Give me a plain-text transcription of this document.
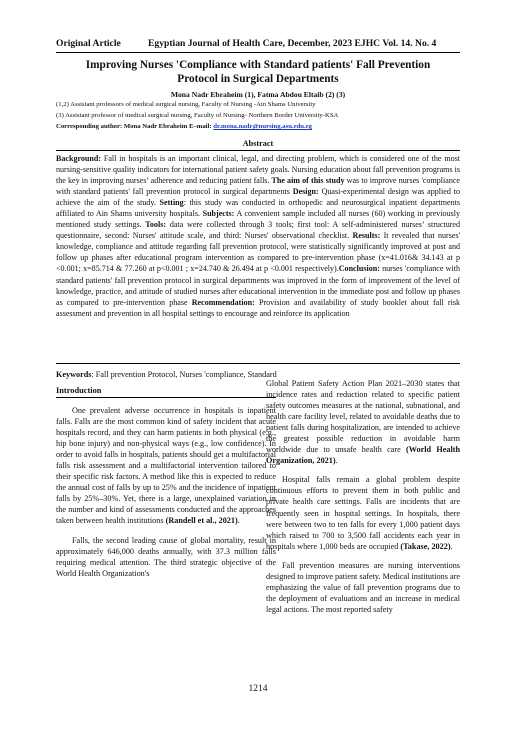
Original Article	Egyptian Journal of Health Care, December, 2023 EJHC Vol. 14. No. 4
Improving Nurses 'Compliance with Standard patients' Fall Prevention
Protocol in Surgical Departments
Mona Nadr Ebraheim (1), Fatma Abdou Eltaib (2) (3)
(1,2) Assistant professors of medical surgical nursing, Faculty of Nursing -Ain Shams University
(3) Assistant professor of medical surgical nursing, Faculty of Nursing- Northern Border University-KSA
Corresponding author: Mona Nadr Ebraheim E–mail: dr.mona.nadr@nursing.asu.edu.eg
Abstract
Background: Fall in hospitals is an important clinical, legal, and directing problem, which is considered one of the most nursing-sensitive quality indicators for international patient safety goals. Nursing education about fall prevention programs is the key in improving nurses’ adherence and reducing patient falls. The aim of this study was to improve nurses 'compliance with standard patients' fall prevention protocol in surgical departments Design: Quasi-experimental design was applied to achieve the aim of the study. Setting: this study was conducted in orthopedic and neurosurgical inpatient departments affiliated to Ain Shams university hospitals. Subjects: A convenient sample included all nurses (60) working in previously mentioned study settings. Tools: data were collected through 3 tools; first tool: A self-administered nurses’ structured questionnaire, second: Nurses' attitude scale, and third: Nurses' observational checklist. Results: It revealed that nurses' knowledge, compliance and attitude regarding fall prevention protocol, were statistically significantly improved at post and follow up phases after educational program intervention as compared to pre-intervention phase (x=41.016& 34.143 at p <0.001; x=85.714 & 77.260 at p<0.001 ; x=24.740 & 26.494 at p <0.001 respectively).Conclusion: nurses 'compliance with standard patients' fall prevention protocol in surgical departments was improved in the form of improvement of the level of knowledge, practice, and attitude of studied nurses after educational intervention in the immediate post and follow up phases as compared to pre-intervention phase Recommendation: Provision and availability of study booklet about fall risk assessment and prevention in all hospital settings to encourage and reinforce its application
Keywords: Fall prevention Protocol, Nurses 'compliance, Standard
Introduction

One prevalent adverse occurrence in hospitals is inpatient falls. Falls are the most common kind of safety incident that acute hospitals record, and they can harm patients in both physical (e.g., hip bone injury) and non-physical ways (e.g., low confidence). In order to avoid falls in hospitals, patients should get a multifactorial falls risk assessment and a multifactorial intervention tailored to their specific risk factors. A method like this is expected to reduce the annual cost of falls by up to 25% and the incidence of inpatient falls by 25%–30%. Yet, there is a large, unexplained variation in the number and kind of assessments conducted and the approaches taken between health institutions (Randell et al., 2021).

Falls, the second leading cause of global mortality, result in approximately 646,000 deaths annually, with 37.3 million falls requiring medical attention. The third strategic objective of the World Health Organization's

Global Patient Safety Action Plan 2021–2030 states that incidence rates and reduction related to specific patient safety outcomes measures at the national, subnational, and health care facility level, related to avoidable deaths due to patient falls during hospitalization, are intended to achieve the greatest possible reduction in avoidable harm worldwide due to unsafe health care (World Health Organization, 2021).

Hospital falls remain a global problem despite continuous efforts to prevent them in both public and private health care settings. Falls are incidents that are frequently seen in hospital settings. In hospitals, there were between two to ten falls for every 1,000 patient days which raised to 700 to 3,500 fall accidents each year in hospitals where 1,000 beds are occupied (Takase, 2022).

Fall prevention measures are nursing interventions designed to improve patient safety. Medical institutions are emphasizing the value of fall prevention programs due to the deployment of evaluations and an increase in medical legal actions. The most reported safety

1214
